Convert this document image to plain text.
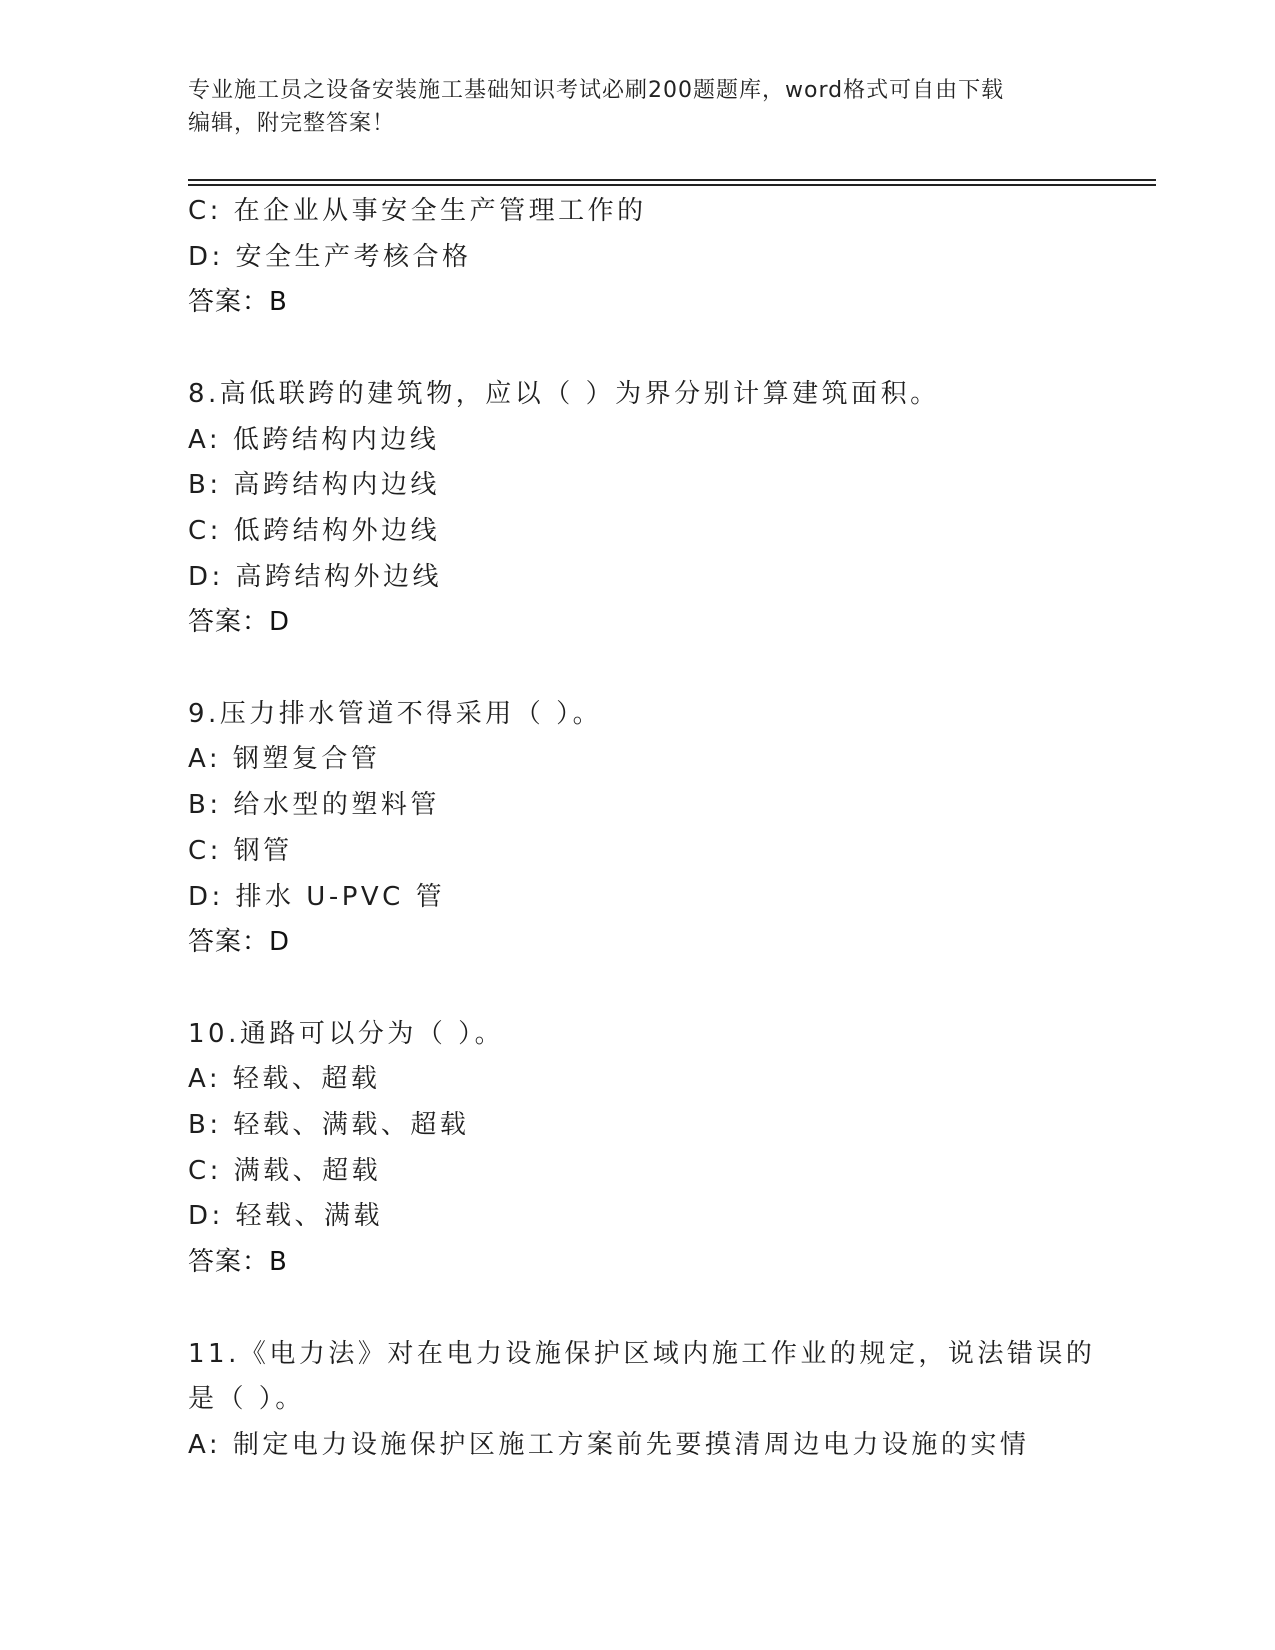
专业施工员之设备安装施工基础知识考试必刷200题题库，word格式可自由下载
编辑，附完整答案！
C: 在企业从事安全生产管理工作的
D: 安全生产考核合格
答案：B
8.高低联跨的建筑物，应以（ ）为界分别计算建筑面积。
A: 低跨结构内边线
B: 高跨结构内边线
C: 低跨结构外边线
D: 高跨结构外边线
答案：D
9.压力排水管道不得采用（ ）。
A: 钢塑复合管
B: 给水型的塑料管
C: 钢管
D: 排水 U-PVC 管
答案：D
10.通路可以分为（ ）。
A: 轻载、超载
B: 轻载、满载、超载
C: 满载、超载
D: 轻载、满载
答案：B
11.《电力法》对在电力设施保护区域内施工作业的规定，说法错误的
是（ ）。
A: 制定电力设施保护区施工方案前先要摸清周边电力设施的实情
